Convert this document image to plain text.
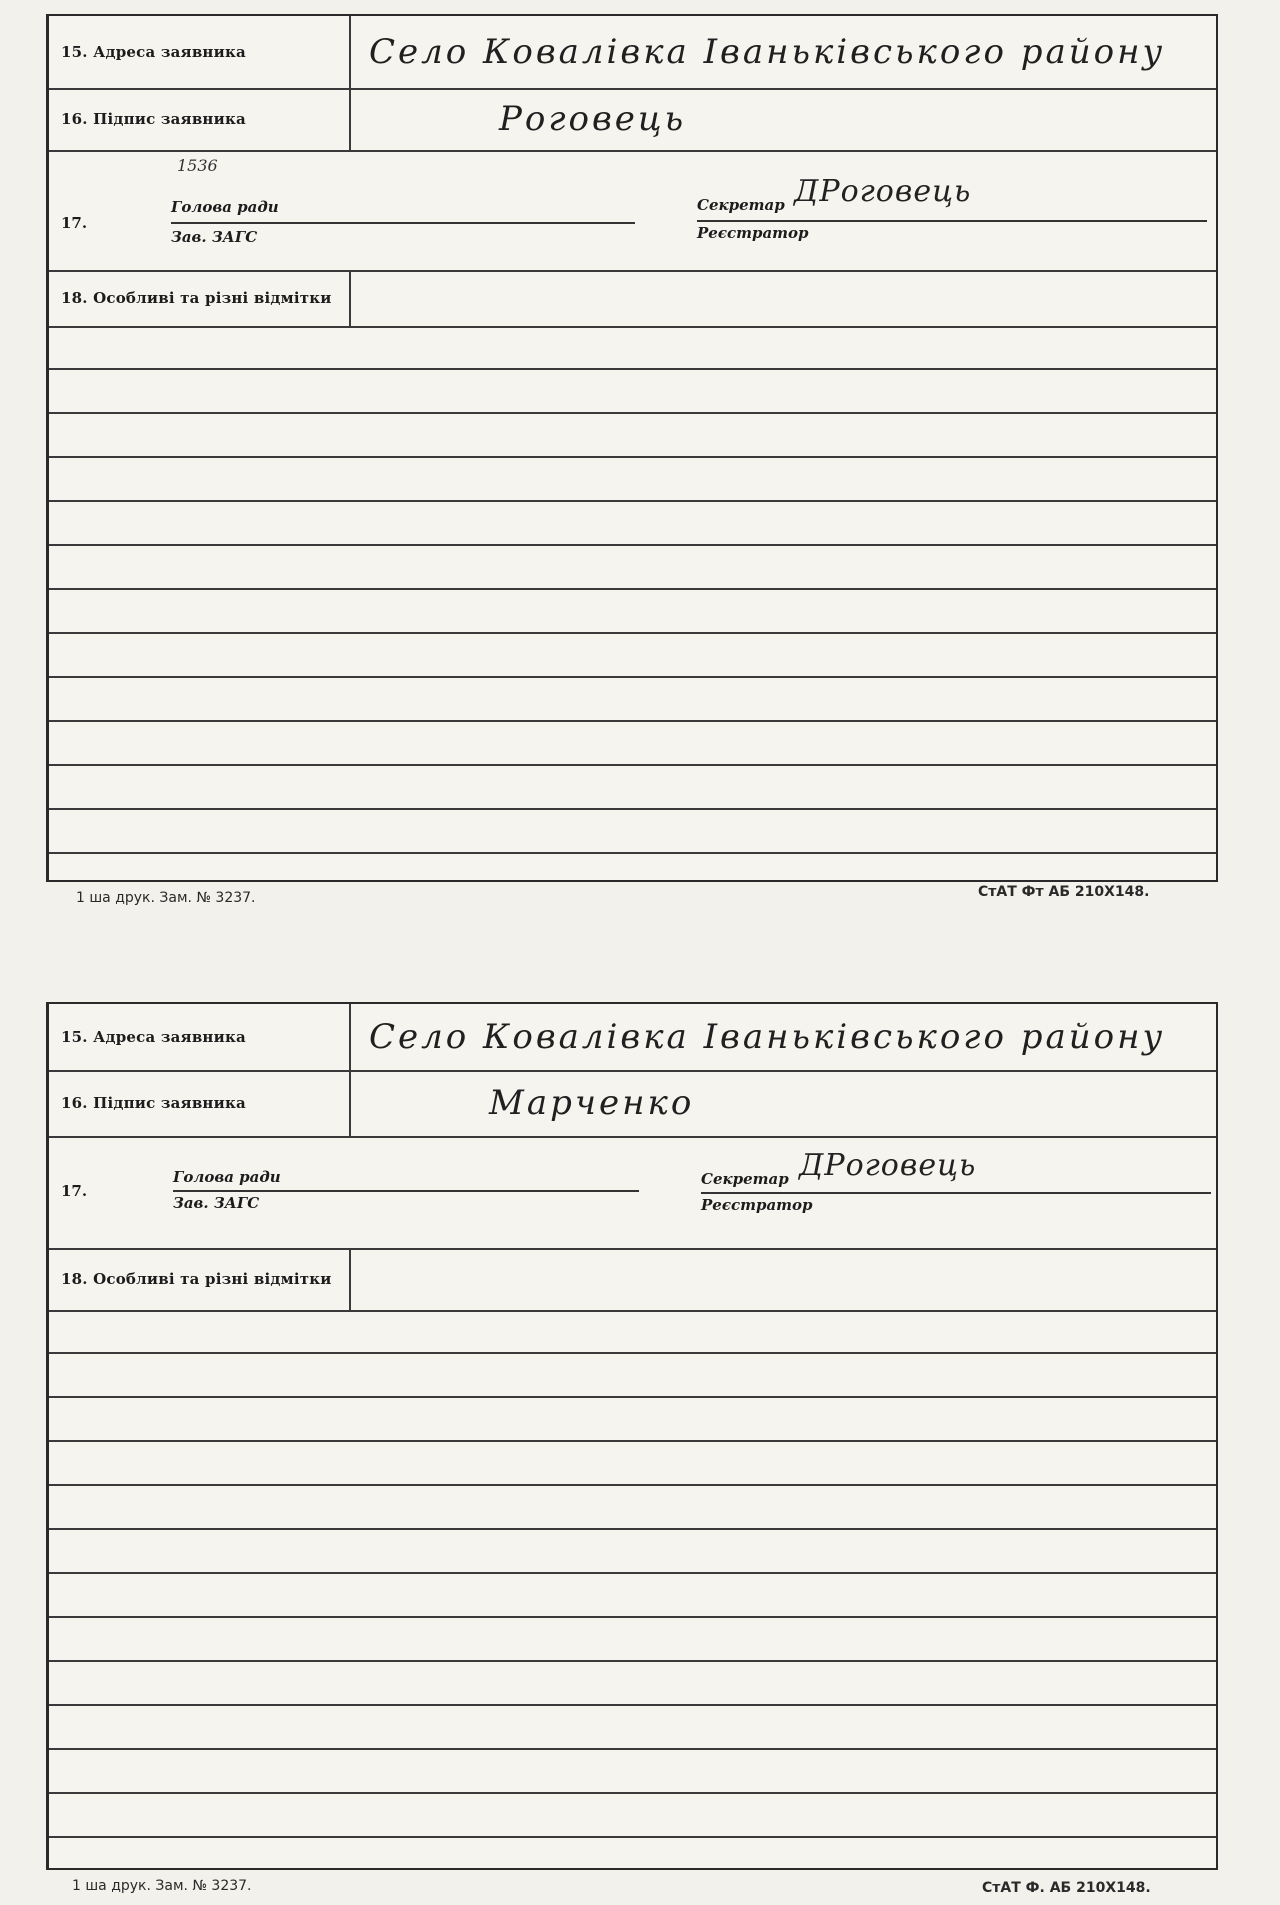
15. Адреса заявника	Село Ковалівка Іваньківського району
16. Підпис заявника	Роговець
1536
17.
Голова ради
Зав. ЗАГС
Секретар ДРоговець
Реєстратор
18. Особливі та різні відмітки
1 ша друк. Зам. № 3237.	СтАТ Фт АБ 210Х148.
15. Адреса заявника	Село Ковалівка Іваньківського району
16. Підпис заявника	Марченко
17.
Голова ради
Зав. ЗАГС
Секретар ДРоговець
Реєстратор
18. Особливі та різні відмітки
1 ша друк. Зам. № 3237.	СтАТ Ф. АБ 210Х148.
